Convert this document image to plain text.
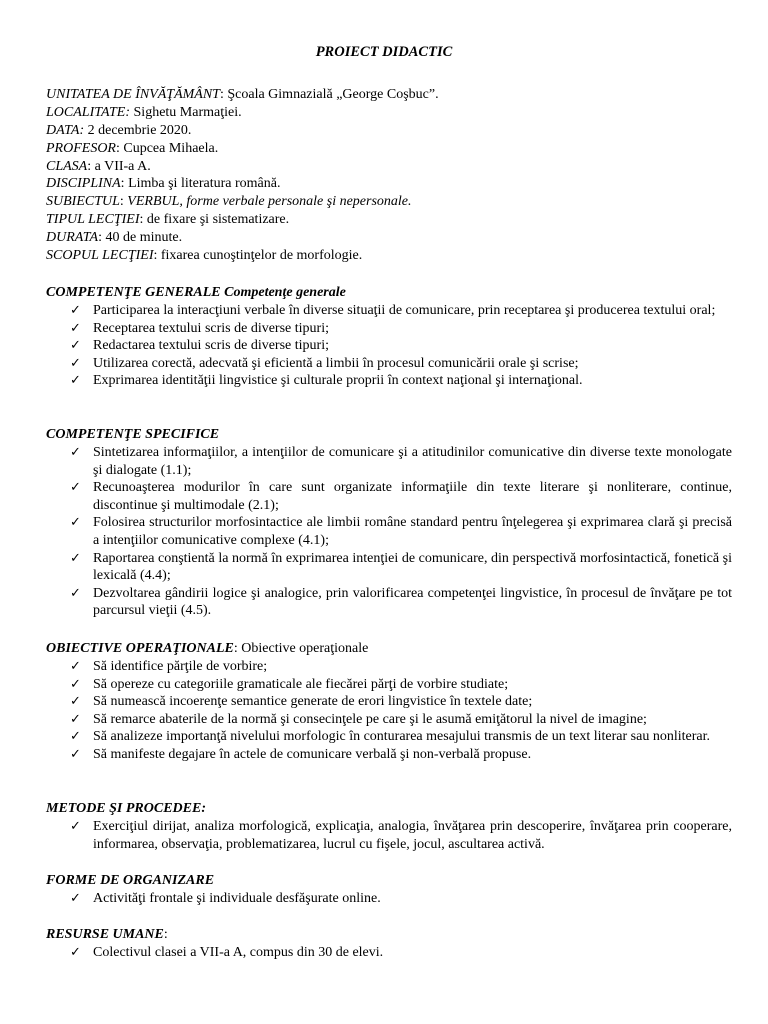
PROIECT DIDACTIC
UNITATEA DE ÎNVĂŢĂMÂNT: Şcoala Gimnazială „George Coşbuc”.
LOCALITATE: Sighetu Marmaţiei.
DATA: 2 decembrie 2020.
PROFESOR: Cupcea Mihaela.
CLASA: a VII-a A.
DISCIPLINA: Limba şi literatura română.
SUBIECTUL: VERBUL, forme verbale personale şi nepersonale.
TIPUL LECŢIEI: de fixare şi sistematizare.
DURATA: 40 de minute.
SCOPUL LECŢIEI: fixarea cunoştinţelor de morfologie.
COMPETENŢE GENERALE Competenţe generale
✓ Participarea la interacţiuni verbale în diverse situaţii de comunicare, prin receptarea şi producerea textului oral;
✓ Receptarea textului scris de diverse tipuri;
✓ Redactarea textului scris de diverse tipuri;
✓ Utilizarea corectă, adecvată şi eficientă a limbii în procesul comunicării orale şi scrise;
✓ Exprimarea identităţii lingvistice şi culturale proprii în context naţional şi internaţional.
COMPETENŢE SPECIFICE
✓ Sintetizarea informaţiilor, a intenţiilor de comunicare şi a atitudinilor comunicative din diverse texte monologate şi dialogate (1.1);
✓ Recunoaşterea modurilor în care sunt organizate informaţiile din texte literare şi nonliterare, continue, discontinue şi multimodale (2.1);
✓ Folosirea structurilor morfosintactice ale limbii române standard pentru înţelegerea şi exprimarea clară şi precisă a intenţiilor comunicative complexe (4.1);
✓ Raportarea conştientă la normă în exprimarea intenţiei de comunicare, din perspectivă morfosintactică, fonetică şi lexicală (4.4);
✓ Dezvoltarea gândirii logice şi analogice, prin valorificarea competenţei lingvistice, în procesul de învăţare pe tot parcursul vieţii (4.5).
OBIECTIVE OPERAŢIONALE: Obiective operaţionale
✓ Să identifice părţile de vorbire;
✓ Să opereze cu categoriile gramaticale ale fiecărei părţi de vorbire studiate;
✓ Să numească incoerenţe semantice generate de erori lingvistice în textele date;
✓ Să remarce abaterile de la normă şi consecinţele pe care şi le asumă emiţătorul la nivel de imagine;
✓ Să analizeze importanţă nivelului morfologic în conturarea mesajului transmis de un text literar sau nonliterar.
✓ Să manifeste degajare în actele de comunicare verbală şi non-verbală propuse.
METODE ŞI PROCEDEE:
✓ Exerciţiul dirijat, analiza morfologică, explicaţia, analogia, învăţarea prin descoperire, învăţarea prin cooperare, informarea, observaţia, problematizarea, lucrul cu fişele, jocul, ascultarea activă.
FORME DE ORGANIZARE
✓ Activităţi frontale şi individuale desfăşurate online.
RESURSE UMANE:
✓ Colectivul clasei a VII-a A, compus din 30 de elevi.
